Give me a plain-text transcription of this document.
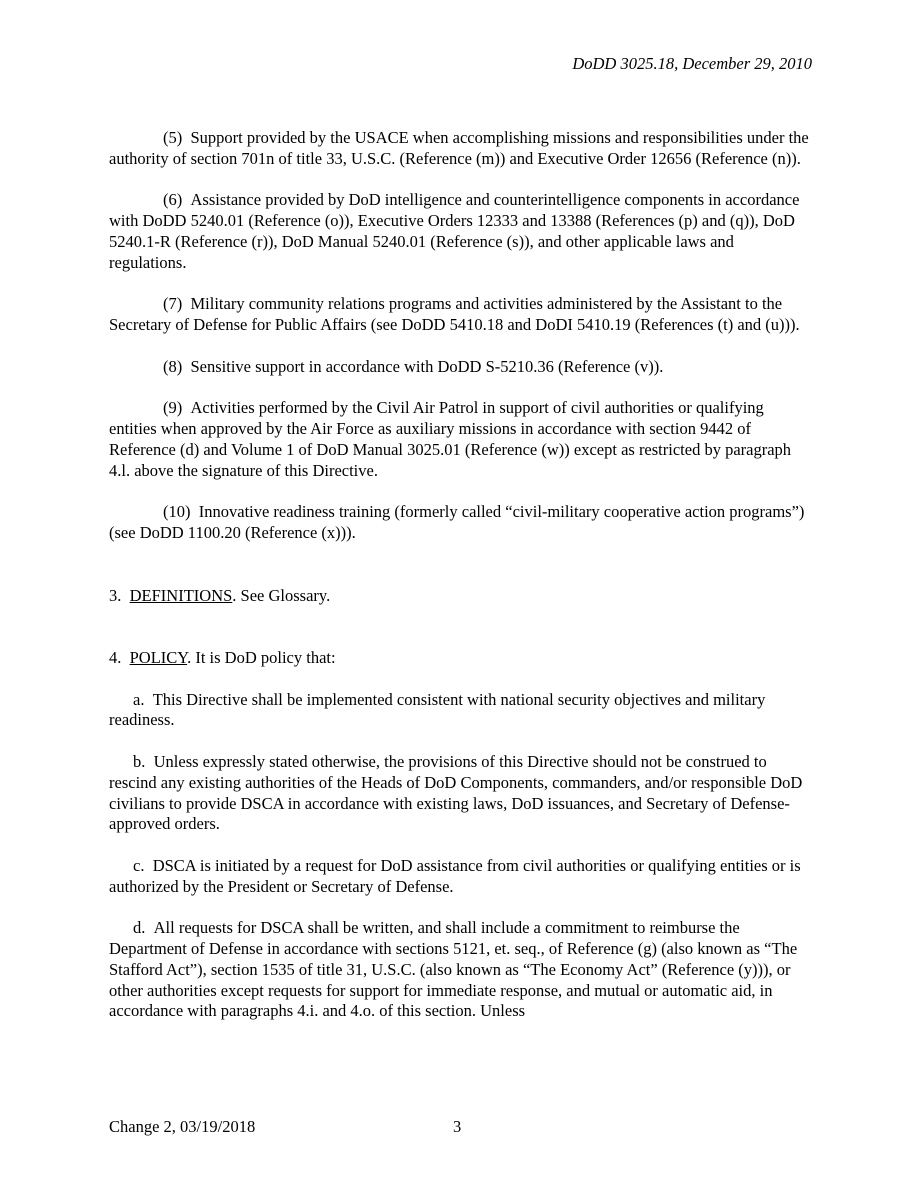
DoDD 3025.18, December 29, 2010

(5) Support provided by the USACE when accomplishing missions and responsibilities under the authority of section 701n of title 33, U.S.C. (Reference (m)) and Executive Order 12656 (Reference (n)).

(6) Assistance provided by DoD intelligence and counterintelligence components in accordance with DoDD 5240.01 (Reference (o)), Executive Orders 12333 and 13388 (References (p) and (q)), DoD 5240.1-R (Reference (r)), DoD Manual 5240.01 (Reference (s)), and other applicable laws and regulations.

(7) Military community relations programs and activities administered by the Assistant to the Secretary of Defense for Public Affairs (see DoDD 5410.18 and DoDI 5410.19 (References (t) and (u))).

(8) Sensitive support in accordance with DoDD S-5210.36 (Reference (v)).

(9) Activities performed by the Civil Air Patrol in support of civil authorities or qualifying entities when approved by the Air Force as auxiliary missions in accordance with section 9442 of Reference (d) and Volume 1 of DoD Manual 3025.01 (Reference (w)) except as restricted by paragraph 4.l. above the signature of this Directive.

(10) Innovative readiness training (formerly called “civil-military cooperative action programs”) (see DoDD 1100.20 (Reference (x))).

3. DEFINITIONS. See Glossary.

4. POLICY. It is DoD policy that:

a. This Directive shall be implemented consistent with national security objectives and military readiness.

b. Unless expressly stated otherwise, the provisions of this Directive should not be construed to rescind any existing authorities of the Heads of DoD Components, commanders, and/or responsible DoD civilians to provide DSCA in accordance with existing laws, DoD issuances, and Secretary of Defense-approved orders.

c. DSCA is initiated by a request for DoD assistance from civil authorities or qualifying entities or is authorized by the President or Secretary of Defense.

d. All requests for DSCA shall be written, and shall include a commitment to reimburse the Department of Defense in accordance with sections 5121, et. seq., of Reference (g) (also known as “The Stafford Act”), section 1535 of title 31, U.S.C. (also known as “The Economy Act” (Reference (y))), or other authorities except requests for support for immediate response, and mutual or automatic aid, in accordance with paragraphs 4.i. and 4.o. of this section. Unless

Change 2, 03/19/2018	3
